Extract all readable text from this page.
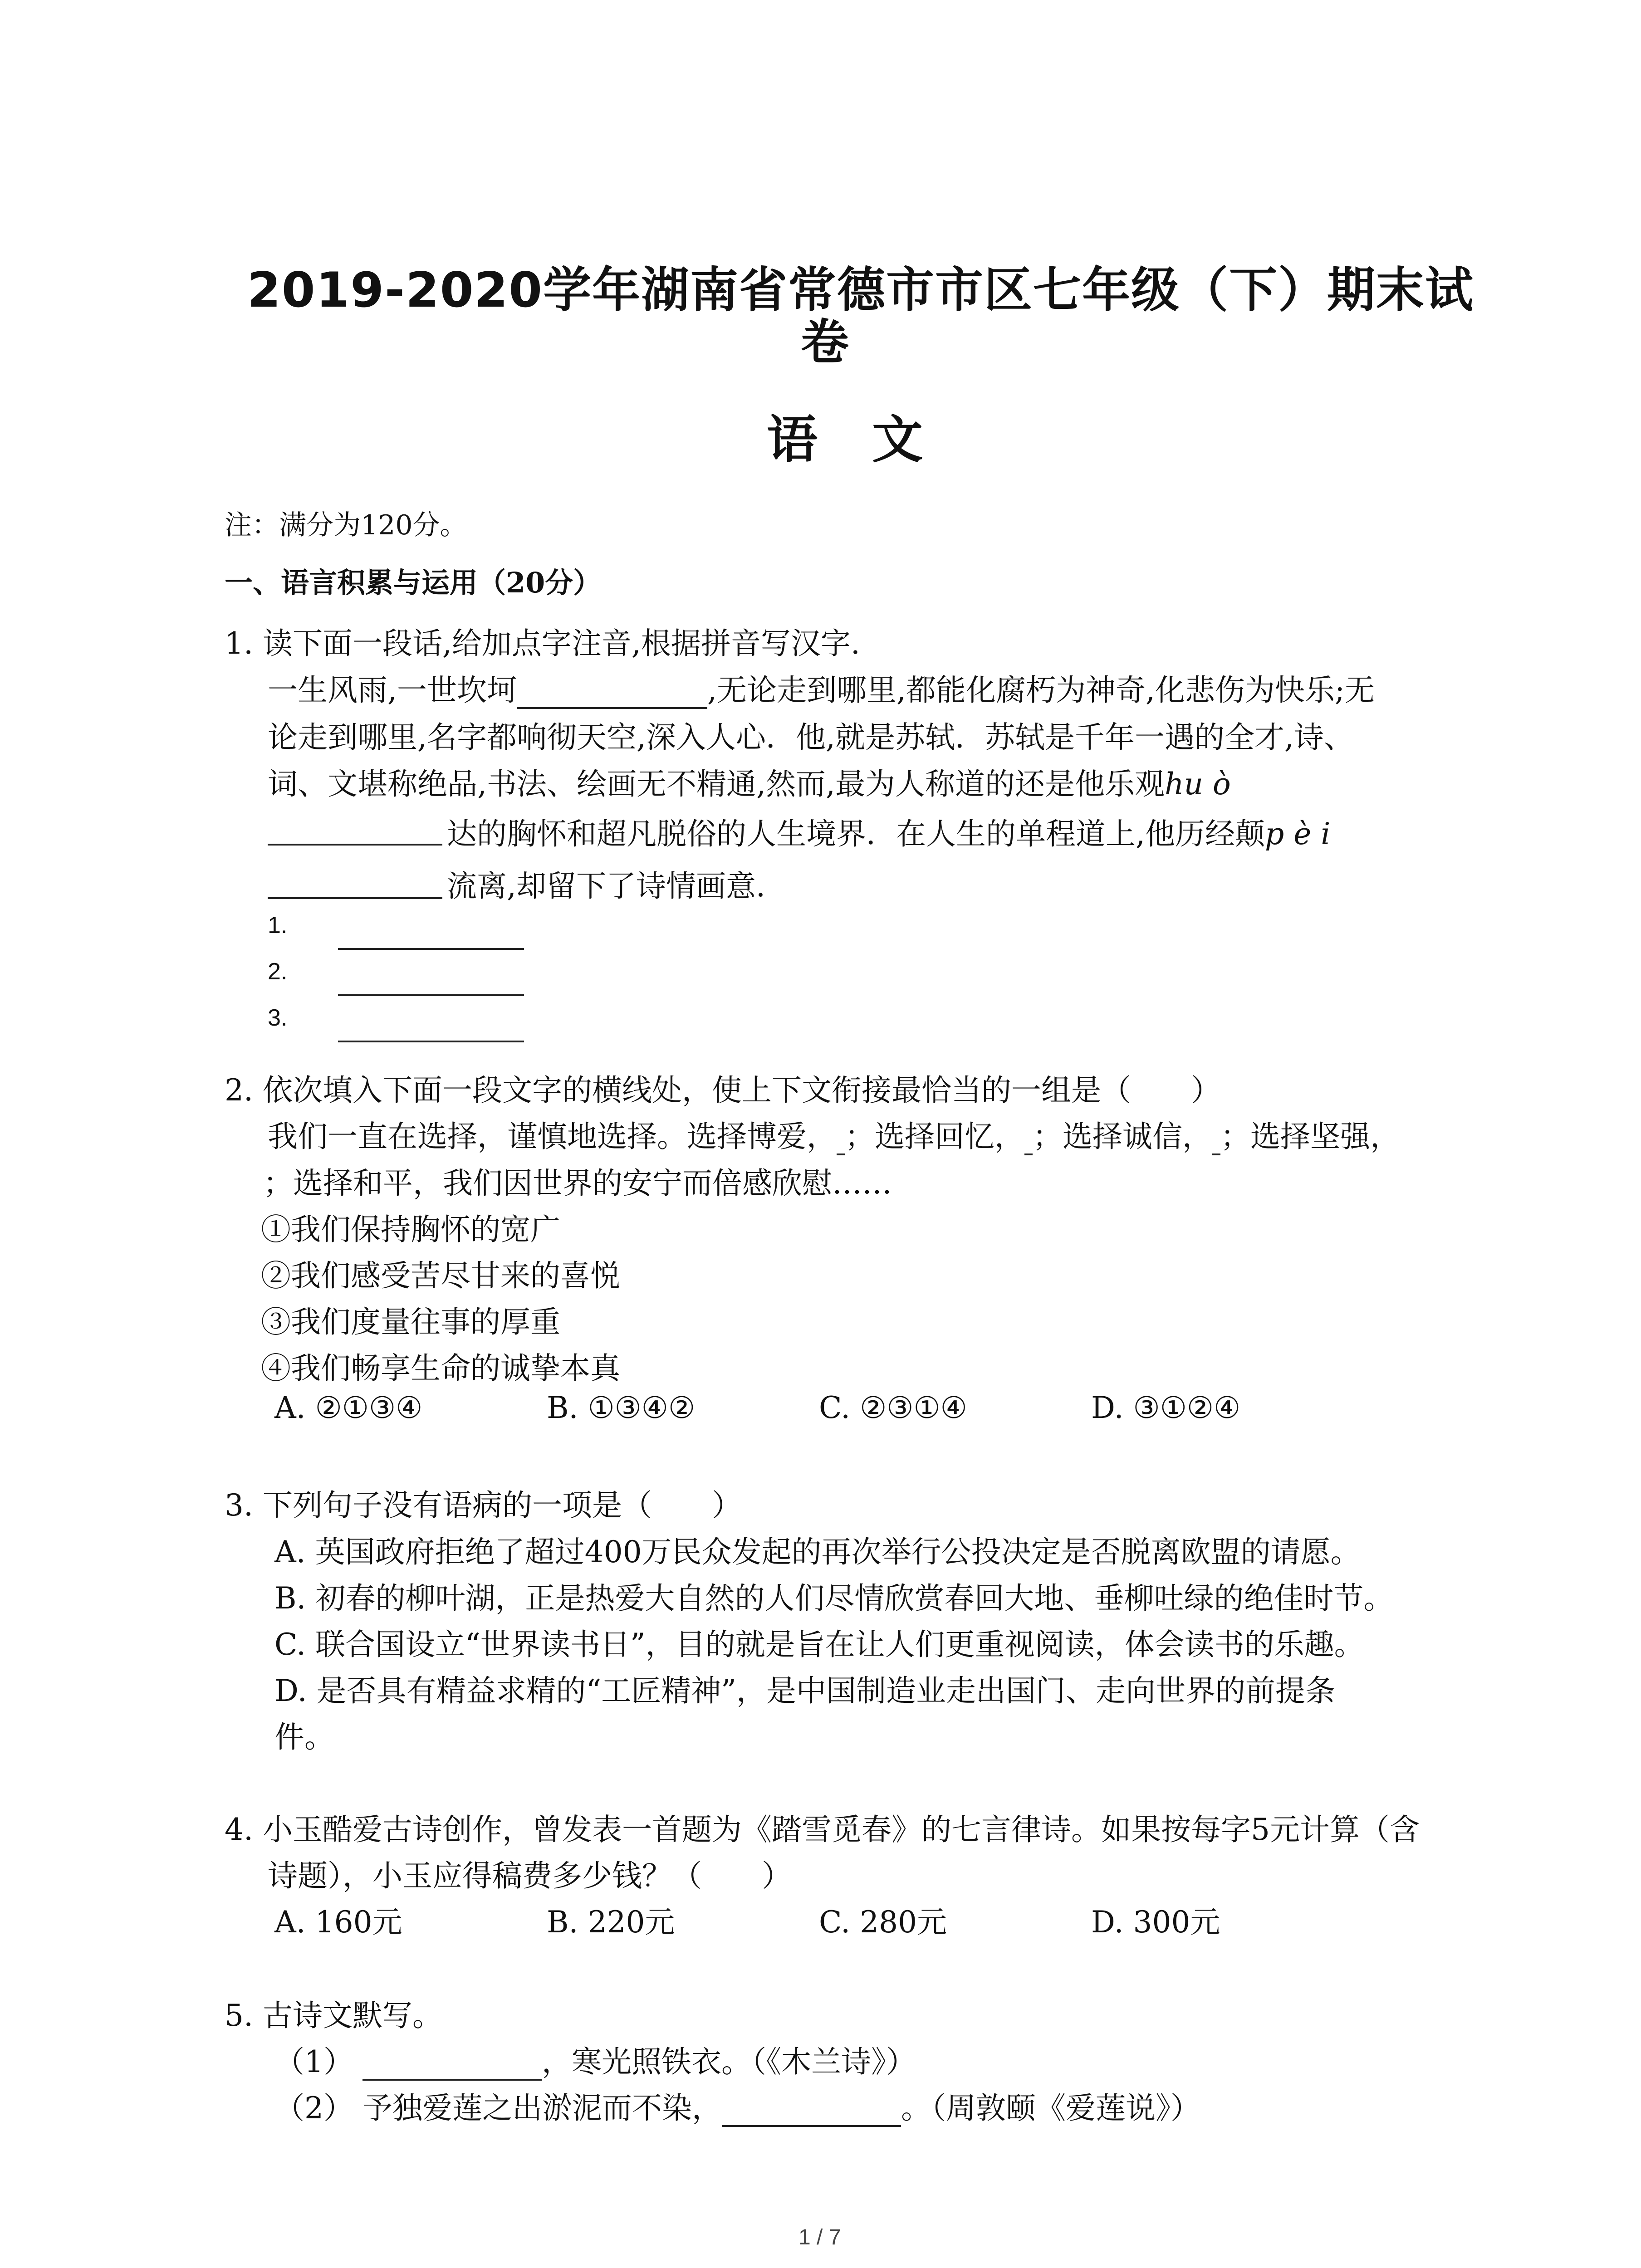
2019-2020学年湖南省常德市市区七年级（下）期末试
卷
语 文
注：满分为120分。
一、语言积累与运用（20分）
1. 读下面一段话,给加点字注音,根据拼音写汉字.
一生风雨,一世坎坷	,无论走到哪里,都能化腐朽为神奇,化悲伤为快乐;无
论走到哪里,名字都响彻天空,深入人心．他,就是苏轼．苏轼是千年一遇的全才,诗、
词、文堪称绝品,书法、绘画无不精通,然而,最为人称道的还是他乐观hu ò
达的胸怀和超凡脱俗的人生境界．在人生的单程道上,他历经颠p è i
流离,却留下了诗情画意.
1.
2.
3.
2. 依次填入下面一段文字的横线处，使上下文衔接最恰当的一组是（　　）
我们一直在选择，谨慎地选择。选择博爱， ；选择回忆， ；选择诚信， ；选择坚强，
；选择和平，我们因世界的安宁而倍感欣慰……
①我们保持胸怀的宽广
②我们感受苦尽甘来的喜悦
③我们度量往事的厚重
④我们畅享生命的诚挚本真
A. ②①③④	B. ①③④②	C. ②③①④	D. ③①②④
3. 下列句子没有语病的一项是（　　）
A. 英国政府拒绝了超过400万民众发起的再次举行公投决定是否脱离欧盟的请愿。
B. 初春的柳叶湖，正是热爱大自然的人们尽情欣赏春回大地、垂柳吐绿的绝佳时节。
C. 联合国设立“世界读书日”，目的就是旨在让人们更重视阅读，体会读书的乐趣。
D. 是否具有精益求精的“工匠精神”，是中国制造业走出国门、走向世界的前提条
件。
4. 小玉酷爱古诗创作，曾发表一首题为《踏雪觅春》的七言律诗。如果按每字5元计算（含
诗题），小玉应得稿费多少钱？（　　）
A. 160元	B. 220元	C. 280元	D. 300元
5. 古诗文默写。
（1）	，寒光照铁衣。（《木兰诗》）
（2） 予独爱莲之出淤泥而不染，	。（周敦颐《爱莲说》）
1 / 7
